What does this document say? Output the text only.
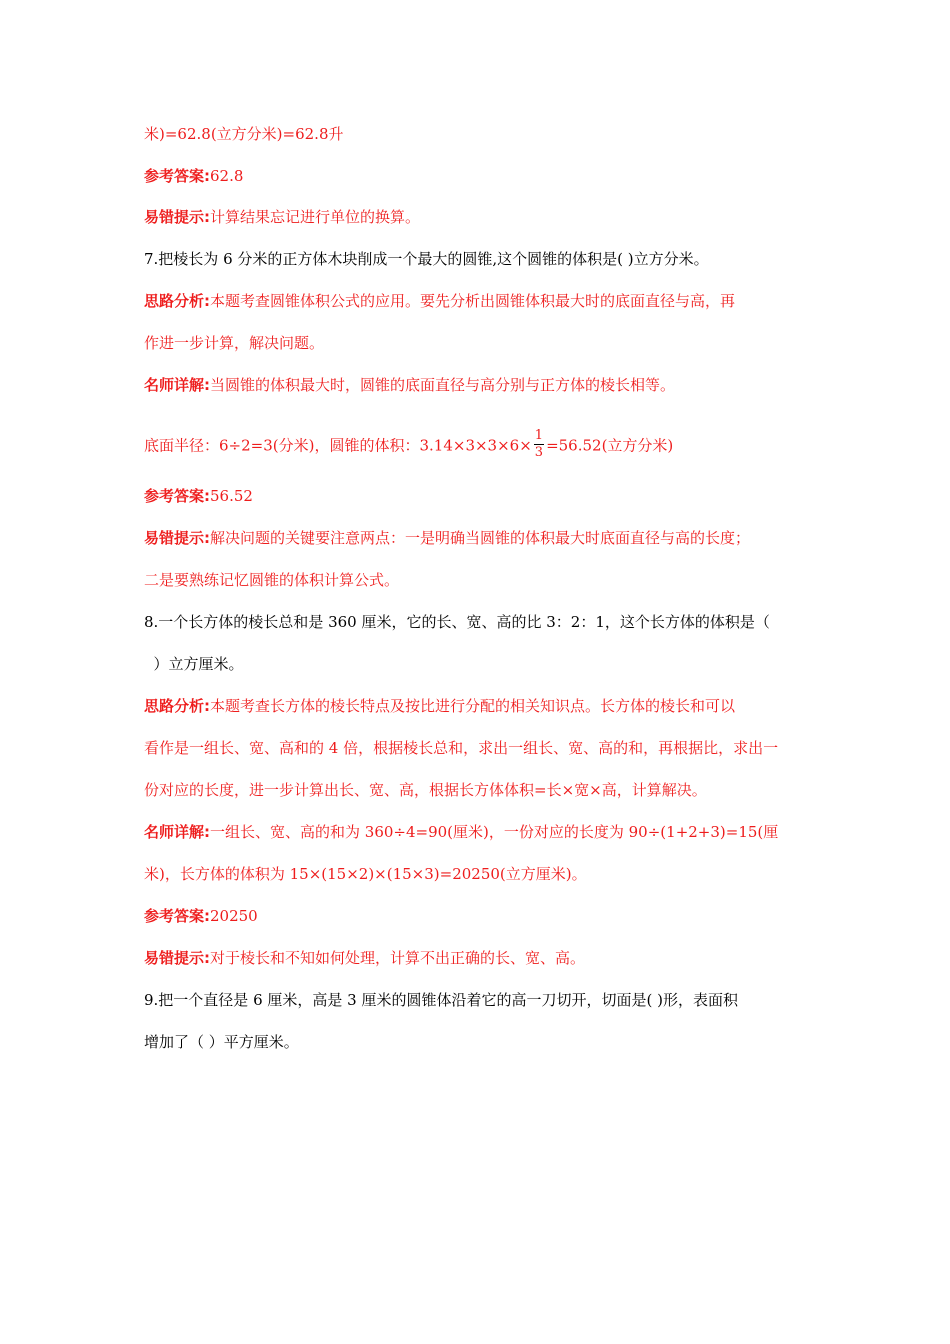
米)=62.8(立方分米)=62.8升
参考答案:62.8
易错提示:计算结果忘记进行单位的换算。
7.把棱长为 6 分米的正方体木块削成一个最大的圆锥,这个圆锥的体积是( )立方分米。
思路分析:本题考查圆锥体积公式的应用。要先分析出圆锥体积最大时的底面直径与高，再
作进一步计算，解决问题。
名师详解:当圆锥的体积最大时，圆锥的底面直径与高分别与正方体的棱长相等。
底面半径：6÷2=3(分米)，圆锥的体积：$3.14\times 3\times 3\times 6\times \frac{1}{3} =56.52$(立方分米)
参考答案:56.52
易错提示:解决问题的关键要注意两点：一是明确当圆锥的体积最大时底面直径与高的长度；
二是要熟练记忆圆锥的体积计算公式。
8.一个长方体的棱长总和是 360 厘米，它的长、宽、高的比 3：2：1，这个长方体的体积是（
）立方厘米。
思路分析:本题考查长方体的棱长特点及按比进行分配的相关知识点。长方体的棱长和可以
看作是一组长、宽、高和的 4 倍，根据棱长总和，求出一组长、宽、高的和，再根据比，求出一
份对应的长度，进一步计算出长、宽、高，根据长方体体积=长×宽×高，计算解决。
名师详解:一组长、宽、高的和为 360÷4=90(厘米)，一份对应的长度为 90÷(1+2+3)=15(厘
米)，长方体的体积为 15×(15×2)×(15×3)=20250(立方厘米)。
参考答案:20250
易错提示:对于棱长和不知如何处理，计算不出正确的长、宽、高。
9.把一个直径是 6 厘米，高是 3 厘米的圆锥体沿着它的高一刀切开，切面是( )形，表面积
增加了（ ）平方厘米。
